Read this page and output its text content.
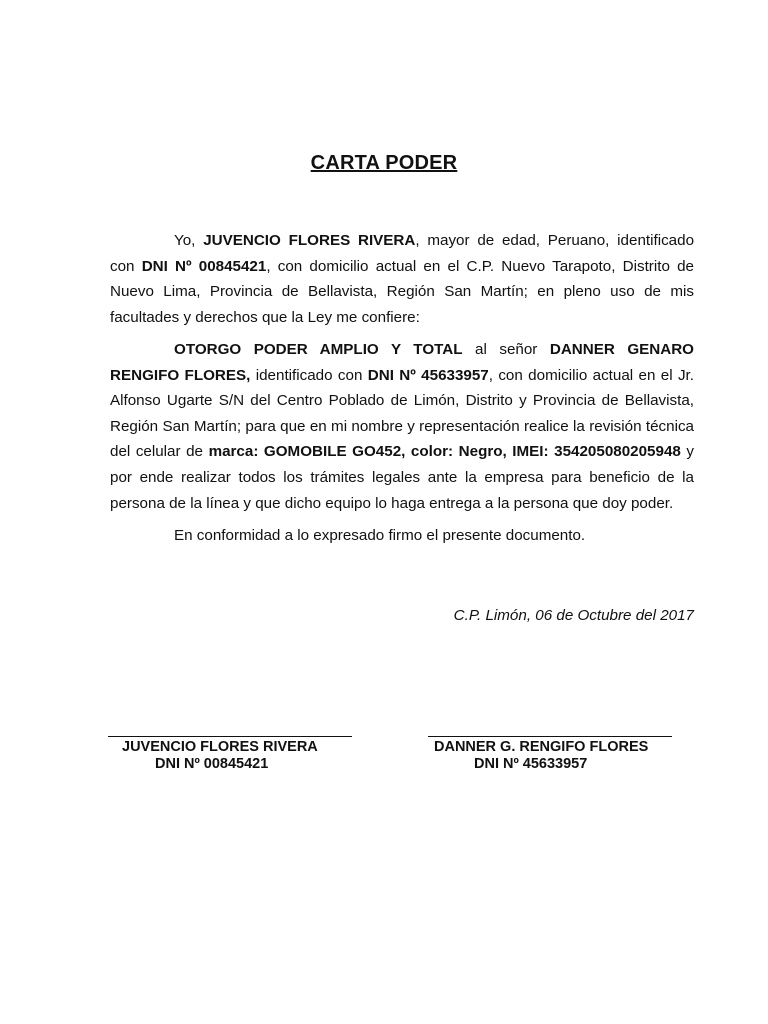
CARTA PODER
Yo, JUVENCIO FLORES RIVERA, mayor de edad, Peruano, identificado con DNI Nº 00845421, con domicilio actual en el C.P. Nuevo Tarapoto, Distrito de Nuevo Lima, Provincia de Bellavista, Región San Martín; en pleno uso de mis facultades y derechos que la Ley me confiere:
OTORGO PODER AMPLIO Y TOTAL al señor DANNER GENARO RENGIFO FLORES, identificado con DNI Nº 45633957, con domicilio actual en el Jr. Alfonso Ugarte S/N del Centro Poblado de Limón, Distrito y Provincia de Bellavista, Región San Martín; para que en mi nombre y representación realice la revisión técnica del celular de marca: GOMOBILE GO452, color: Negro, IMEI: 354205080205948 y por ende realizar todos los trámites legales ante la empresa para beneficio de la persona de la línea y que dicho equipo lo haga entrega a la persona que doy poder.
En conformidad a lo expresado firmo el presente documento.
C.P. Limón, 06 de Octubre del 2017
JUVENCIO FLORES RIVERA
DNI Nº 00845421
DANNER G. RENGIFO FLORES
DNI Nº 45633957
